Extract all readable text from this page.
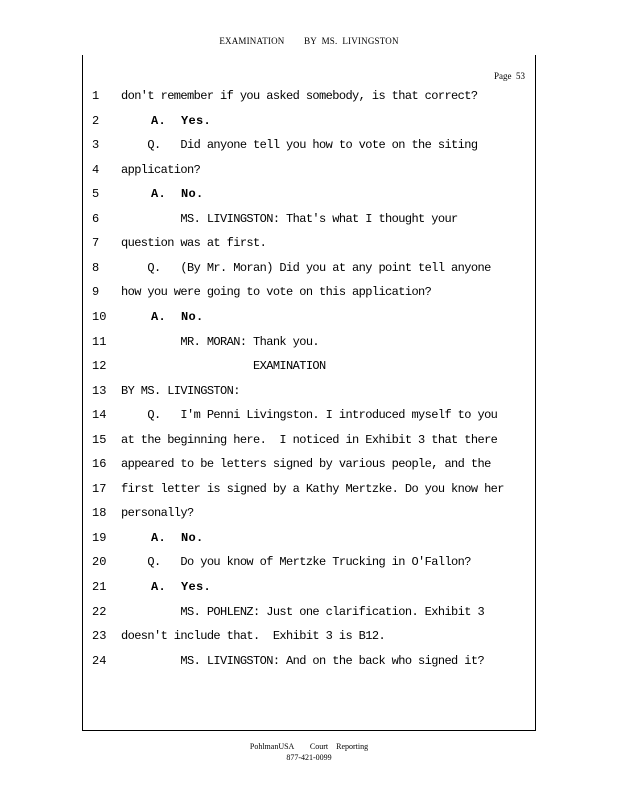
EXAMINATION        BY  MS.  LIVINGSTON
Page  53
1	don't remember if you asked somebody, is that correct?
2	A.  Yes.
3	Q.   Did anyone tell you how to vote on the siting
4	application?
5	A.  No.
6	MS. LIVINGSTON: That's what I thought your
7	question was at first.
8	Q.   (By Mr. Moran) Did you at any point tell anyone
9	how you were going to vote on this application?
10 A.  No.
11 MR. MORAN: Thank you.
12 EXAMINATION
13 BY MS. LIVINGSTON:
14 Q.   I'm Penni Livingston. I introduced myself to you
15 at the beginning here.  I noticed in Exhibit 3 that there
16 appeared to be letters signed by various people, and the
17 first letter is signed by a Kathy Mertzke. Do you know her
18 personally?
19 A.  No.
20 Q.   Do you know of Mertzke Trucking in O'Fallon?
21 A.  Yes.
22 MS. POHLENZ: Just one clarification. Exhibit 3
23 doesn't include that.  Exhibit 3 is B12.
24 MS. LIVINGSTON: And on the back who signed it?
PohlmanUSA        Court    Reporting
877-421-0099
